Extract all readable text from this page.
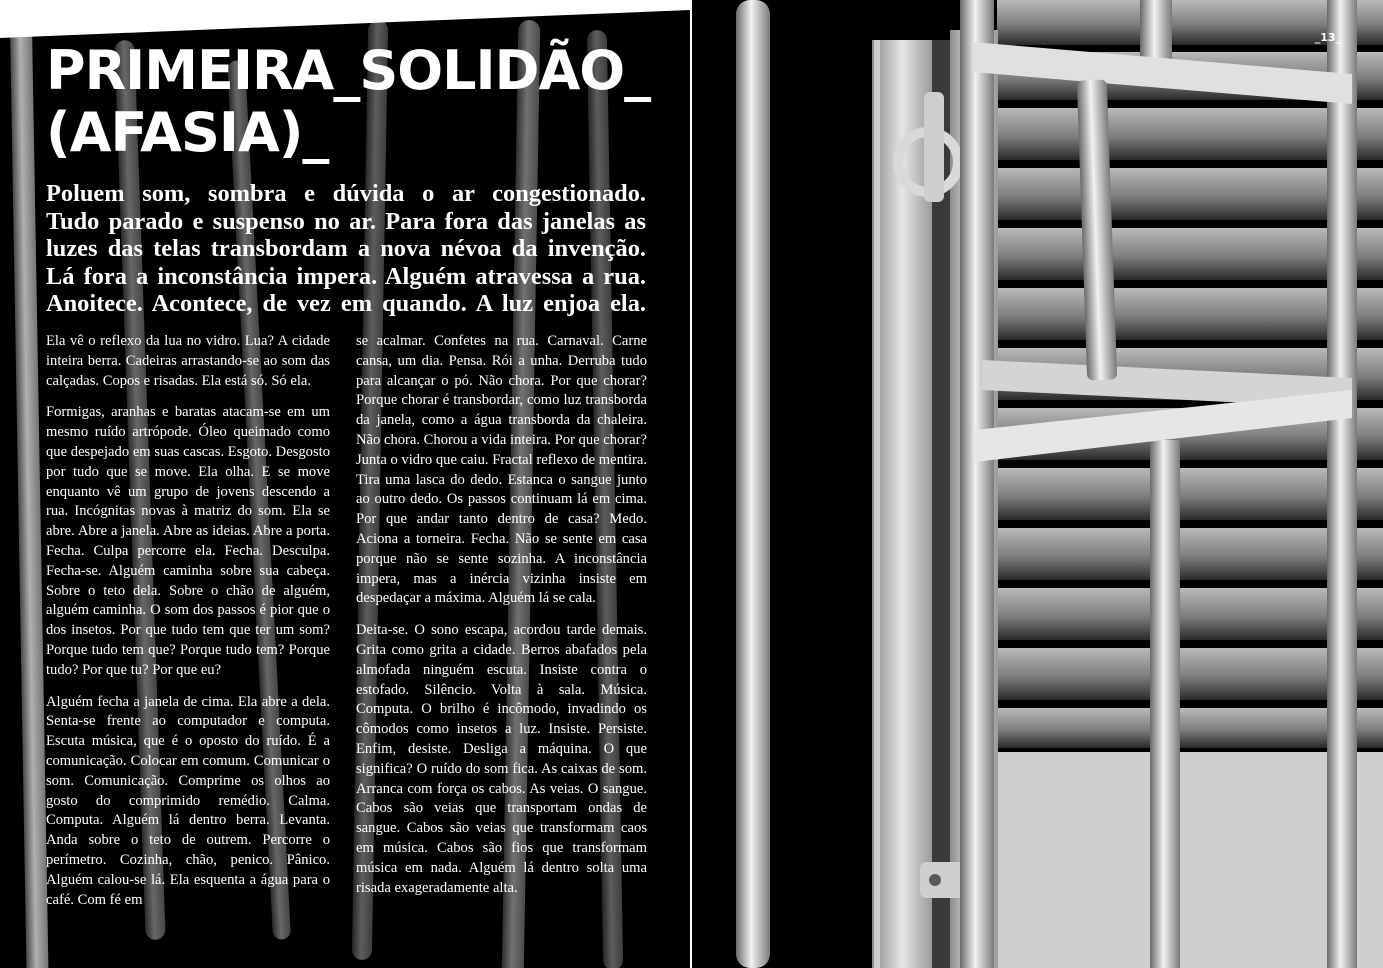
PRIMEIRA_SOLIDÃO_
(AFASIA)_

Poluem som, sombra e dúvida o ar congestionado.
Tudo parado e suspenso no ar. Para fora das janelas as
luzes das telas transbordam a nova névoa da invenção.
Lá fora a inconstância impera. Alguém atravessa a rua.
Anoitece. Acontece, de vez em quando. A luz enjoa ela.

Ela vê o reflexo da lua no vidro. Lua? A cidade inteira berra. Cadeiras arrastando-se ao som das calçadas. Copos e risadas. Ela está só. Só ela.

Formigas, aranhas e baratas atacam-se em um mesmo ruído artrópode. Óleo queimado como que despejado em suas cascas. Esgoto. Desgosto por tudo que se move. Ela olha. E se move enquanto vê um grupo de jovens descendo a rua. Incógnitas novas à matriz do som. Ela se abre. Abre a janela. Abre as ideias. Abre a porta. Fecha. Culpa percorre ela. Fecha. Desculpa. Fecha-se. Alguém caminha sobre sua cabeça. Sobre o teto dela. Sobre o chão de alguém, alguém caminha. O som dos passos é pior que o dos insetos. Por que tudo tem que ter um som? Porque tudo tem que? Porque tudo tem? Porque tudo? Por que tu? Por que eu?

Alguém fecha a janela de cima. Ela abre a dela. Senta-se frente ao computador e computa. Escuta música, que é o oposto do ruído. É a comunicação. Colocar em comum. Comunicar o som. Comunicação. Comprime os olhos ao gosto do comprimido remédio. Calma. Computa. Alguém lá dentro berra. Levanta. Anda sobre o teto de outrem. Percorre o perímetro. Cozinha, chão, penico. Pânico. Alguém calou-se lá. Ela esquenta a água para o café. Com fé em

se acalmar. Confetes na rua. Carnaval. Carne cansa, um dia. Pensa. Rói a unha. Derruba tudo para alcançar o pó. Não chora. Por que chorar? Porque chorar é transbordar, como luz transborda da janela, como a água transborda da chaleira. Não chora. Chorou a vida inteira. Por que chorar? Junta o vidro que caiu. Fractal reflexo de mentira. Tira uma lasca do dedo. Estanca o sangue junto ao outro dedo. Os passos continuam lá em cima. Por que andar tanto dentro de casa? Medo. Aciona a torneira. Fecha. Não se sente em casa porque não se sente sozinha. A inconstância impera, mas a inércia vizinha insiste em despedaçar a máxima. Alguém lá se cala.

Deita-se. O sono escapa, acordou tarde demais. Grita como grita a cidade. Berros abafados pela almofada ninguém escuta. Insiste contra o estofado. Silêncio. Volta à sala. Música. Computa. O brilho é incômodo, invadindo os cômodos como insetos a luz. Insiste. Persiste. Enfim, desiste. Desliga a máquina. O que significa? O ruído do som fica. As caixas de som. Arranca com força os cabos. As veias. O sangue. Cabos são veias que transportam ondas de sangue. Cabos são veias que transformam caos em música. Cabos são fios que transformam música em nada. Alguém lá dentro solta uma risada exageradamente alta.

_13_
